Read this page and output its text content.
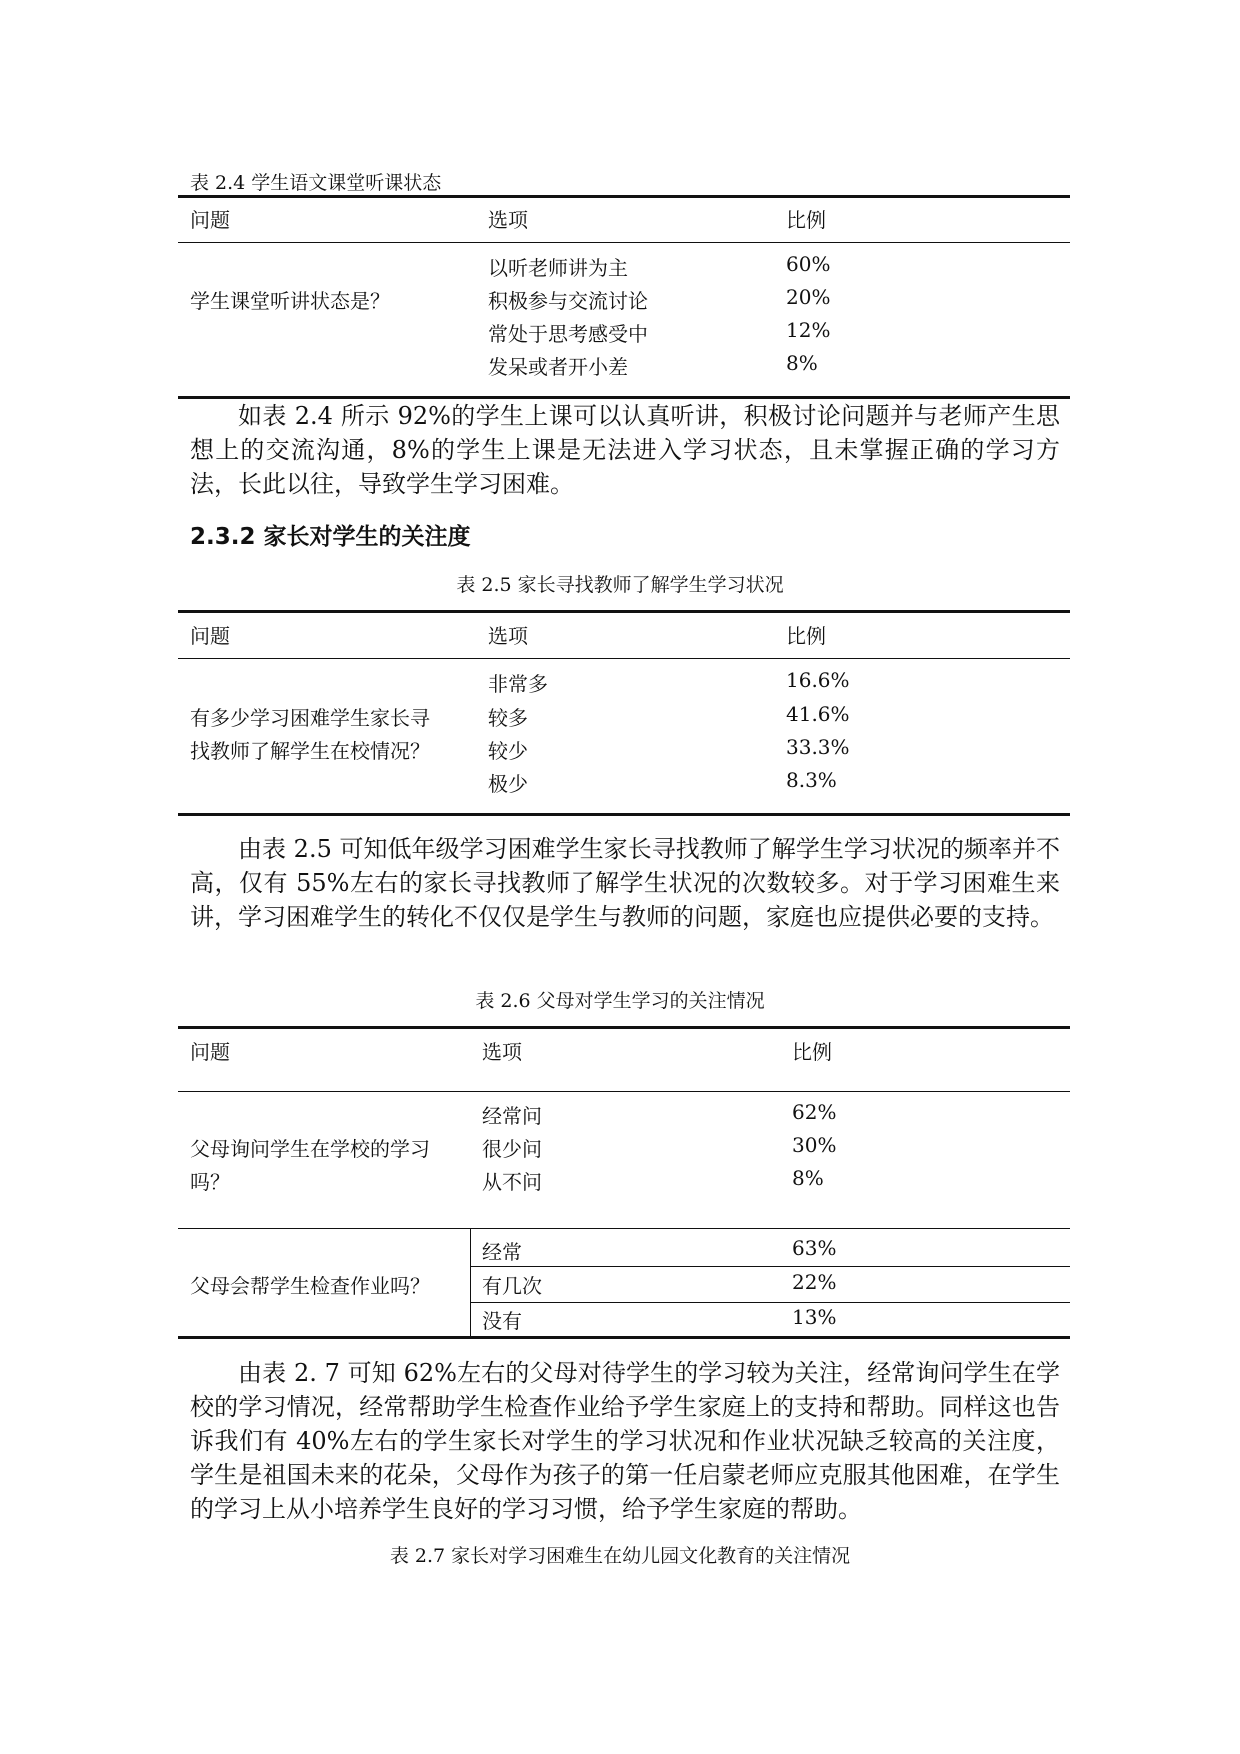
表 2.4 学生语文课堂听课状态
问题	选项	比例
学生课堂听讲状态是？
以听老师讲为主	60%
积极参与交流讨论	20%
常处于思考感受中	12%
发呆或者开小差	8%
如表 2.4 所示 92%的学生上课可以认真听讲，积极讨论问题并与老师产生思想上的交流沟通，8%的学生上课是无法进入学习状态，且未掌握正确的学习方法，长此以往，导致学生学习困难。
2.3.2 家长对学生的关注度
表 2.5 家长寻找教师了解学生学习状况
问题	选项	比例
有多少学习困难学生家长寻
找教师了解学生在校情况？
非常多	16.6%
较多	41.6%
较少	33.3%
极少	8.3%
由表 2.5 可知低年级学习困难学生家长寻找教师了解学生学习状况的频率并不高，仅有 55%左右的家长寻找教师了解学生状况的次数较多。对于学习困难生来讲，学习困难学生的转化不仅仅是学生与教师的问题，家庭也应提供必要的支持。
表 2.6 父母对学生学习的关注情况
问题	选项	比例
父母询问学生在学校的学习
吗？
经常问	62%
很少问	30%
从不问	8%
父母会帮学生检查作业吗？
经常	63%
有几次	22%
没有	13%
由表 2. 7 可知 62%左右的父母对待学生的学习较为关注，经常询问学生在学校的学习情况，经常帮助学生检查作业给予学生家庭上的支持和帮助。同样这也告诉我们有 40%左右的学生家长对学生的学习状况和作业状况缺乏较高的关注度，学生是祖国未来的花朵，父母作为孩子的第一任启蒙老师应克服其他困难，在学生的学习上从小培养学生良好的学习习惯，给予学生家庭的帮助。
表 2.7 家长对学习困难生在幼儿园文化教育的关注情况
